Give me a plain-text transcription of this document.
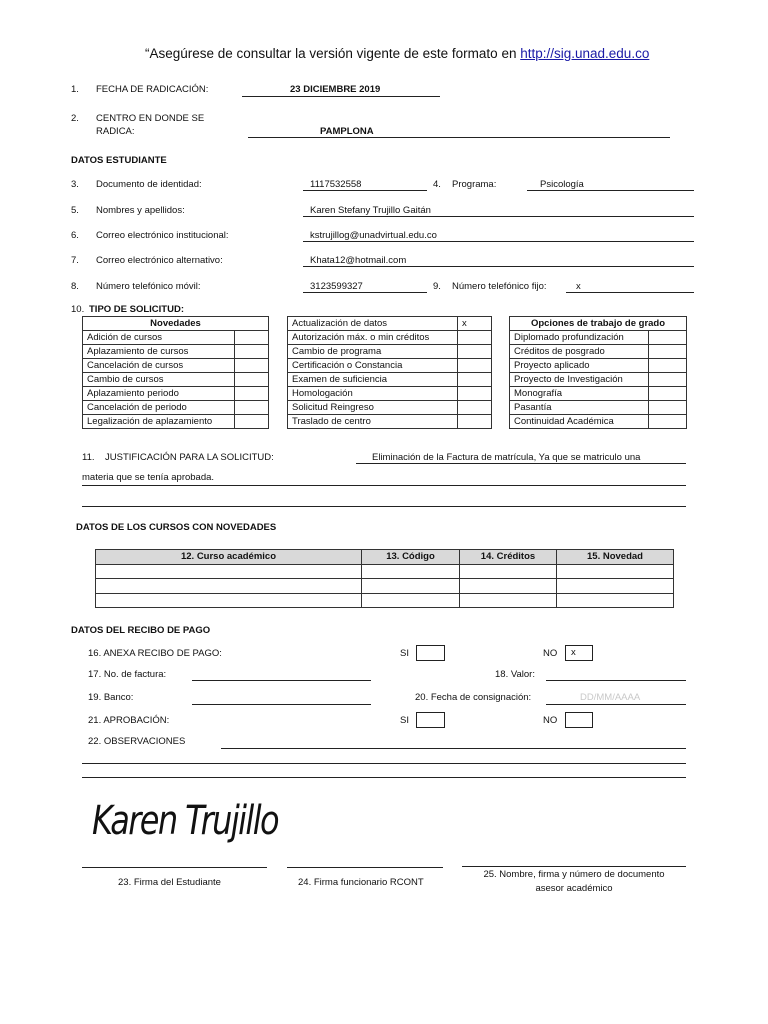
“Asegúrese de consultar la versión vigente de este formato en http://sig.unad.edu.co
1. FECHA DE RADICACIÓN:	23 DICIEMBRE 2019
2. CENTRO EN DONDE SE
RADICA:	PAMPLONA
DATOS ESTUDIANTE
3. Documento de identidad:	1117532558	4. Programa:	Psicología
5. Nombres y apellidos:	Karen Stefany Trujillo Gaitán
6. Correo electrónico institucional:	kstrujillog@unadvirtual.edu.co
7. Correo electrónico alternativo:	Khata12@hotmail.com
8. Número telefónico móvil:	3123599327	9. Número telefónico fijo:	x
10. TIPO DE SOLICITUD:
Novedades	
Adición de cursos	
Aplazamiento de cursos	
Cancelación de cursos	
Cambio de cursos	
Aplazamiento periodo	
Cancelación de periodo	
Legalización de aplazamiento	
Actualización de datos	x
Autorización máx. o min créditos	
Cambio de programa	
Certificación o Constancia	
Examen de suficiencia	
Homologación	
Solicitud Reingreso	
Traslado de centro	
Opciones de trabajo de grado	
Diplomado profundización	
Créditos de posgrado	
Proyecto aplicado	
Proyecto de Investigación	
Monografía	
Pasantía	
Continuidad Académica	
11. JUSTIFICACIÓN PARA LA SOLICITUD:	Eliminación de la Factura de matrícula, Ya que se matriculo una
materia que se tenía aprobada.
DATOS DE LOS CURSOS CON NOVEDADES
12. Curso académico	13. Código	14. Créditos	15. Novedad

DATOS DEL RECIBO DE PAGO
16. ANEXA RECIBO DE PAGO:	SI	NO	x
17. No. de factura:	18. Valor:
19. Banco:	20. Fecha de consignación:	DD/MM/AAAA
21. APROBACIÓN:	SI	NO
22. OBSERVACIONES
Karen Trujillo
23. Firma del Estudiante	24. Firma funcionario RCONT
25. Nombre, firma y número de documento
asesor académico
